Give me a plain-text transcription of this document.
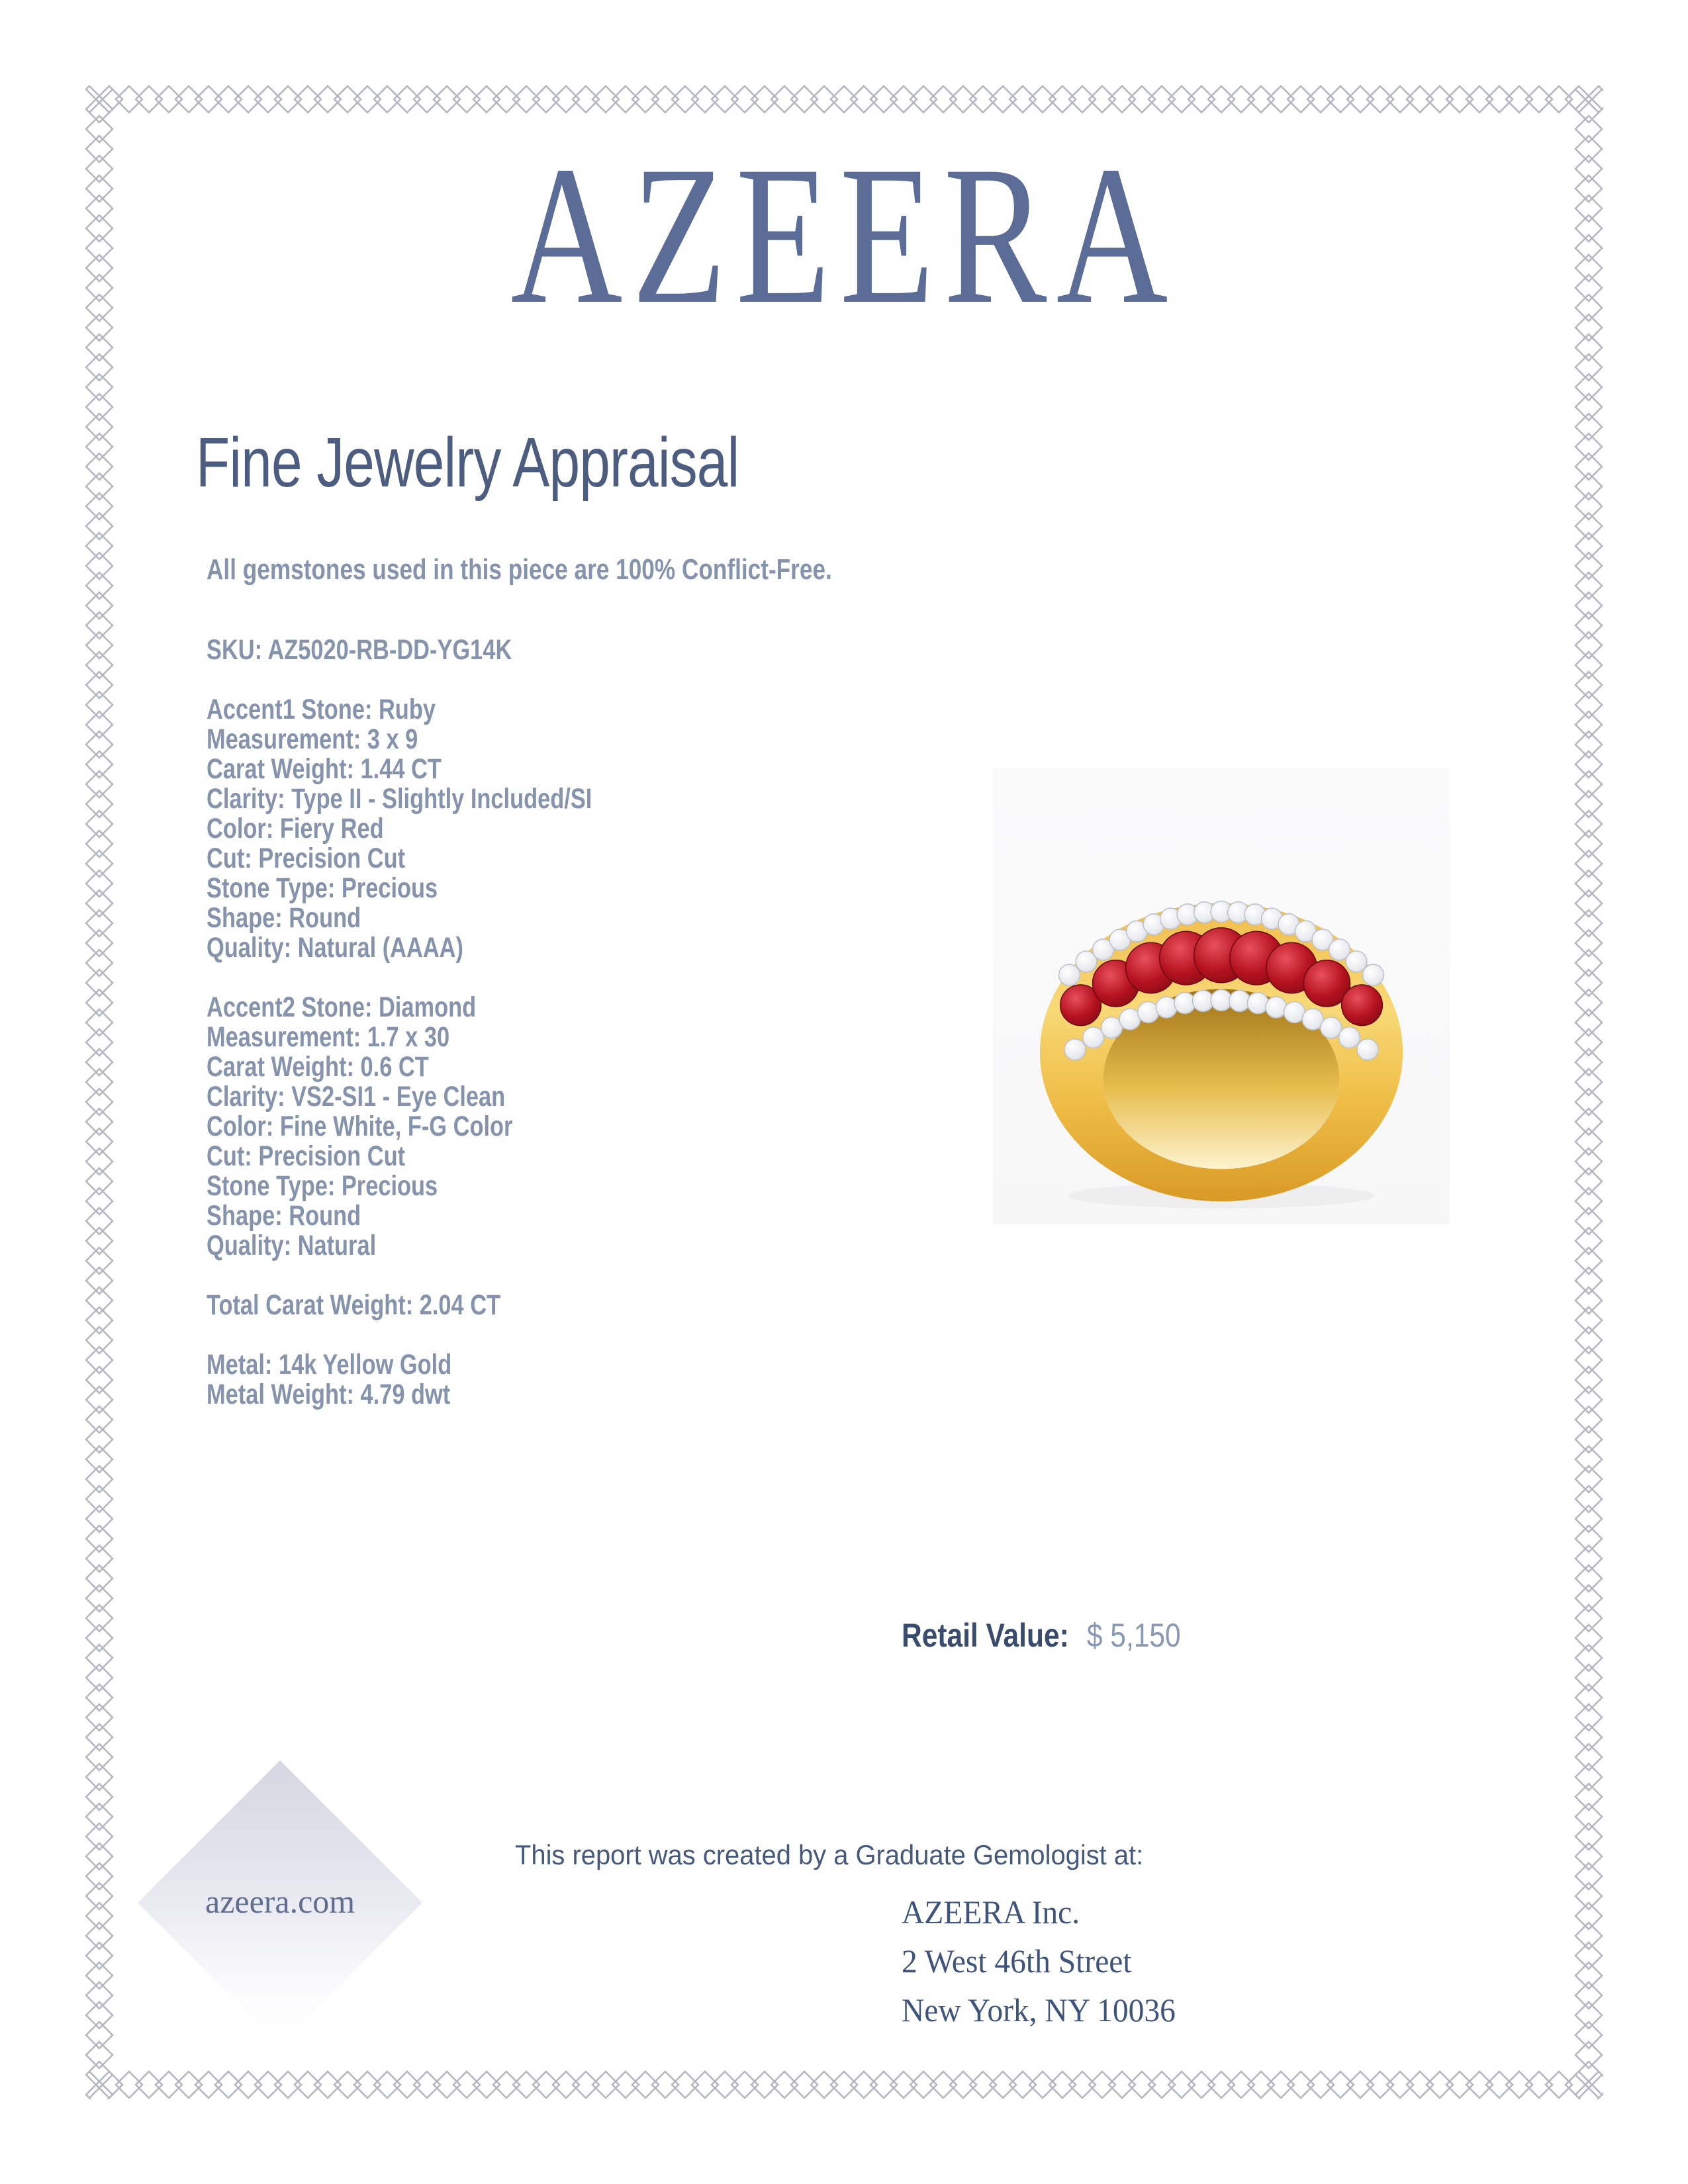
AZEERA
Fine Jewelry Appraisal
All gemstones used in this piece are 100% Conflict-Free.
SKU: AZ5020-RB-DD-YG14K
Accent1 Stone: Ruby
Measurement: 3 x 9
Carat Weight: 1.44 CT
Clarity: Type II - Slightly Included/SI
Color: Fiery Red
Cut: Precision Cut
Stone Type: Precious
Shape: Round
Quality: Natural (AAAA)
Accent2 Stone: Diamond
Measurement: 1.7 x 30
Carat Weight: 0.6 CT
Clarity: VS2-SI1 - Eye Clean
Color: Fine White, F-G Color
Cut: Precision Cut
Stone Type: Precious
Shape: Round
Quality: Natural
Total Carat Weight: 2.04 CT
Metal: 14k Yellow Gold
Metal Weight: 4.79 dwt
Retail Value: $ 5,150
azeera.com
This report was created by a Graduate Gemologist at:
AZEERA Inc.
2 West 46th Street
New York, NY 10036
